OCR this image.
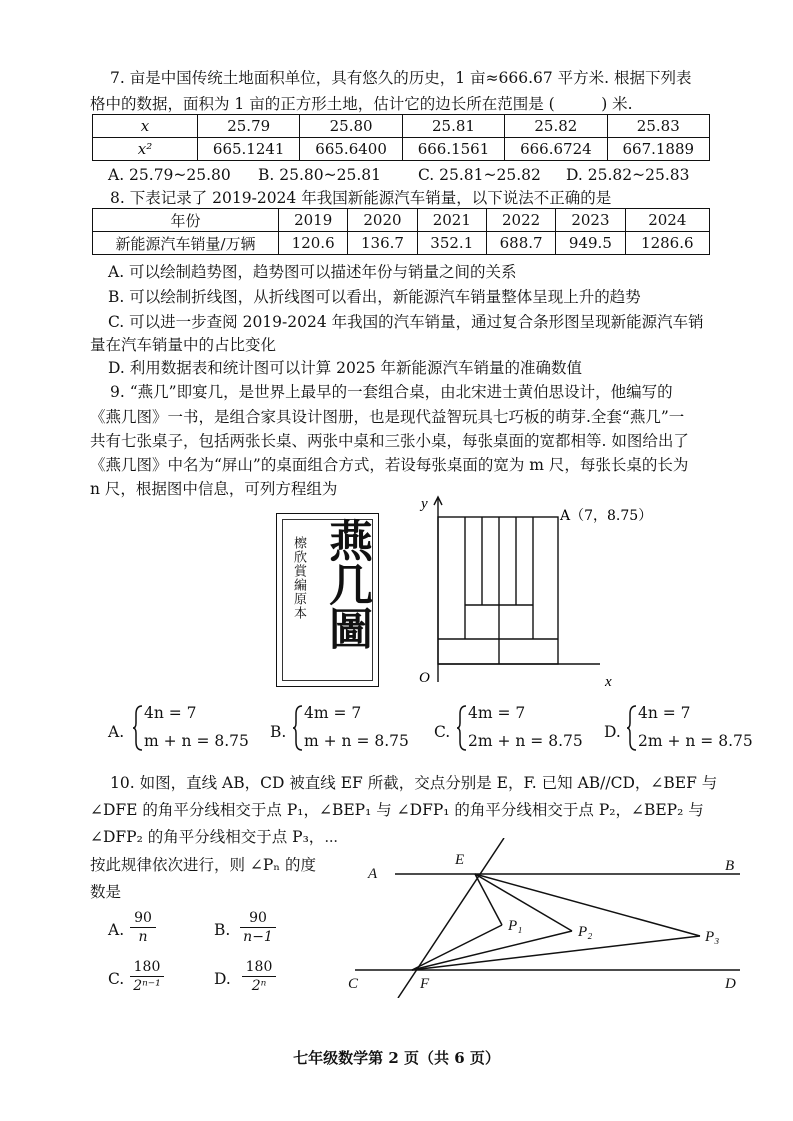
7. 亩是中国传统土地面积单位，具有悠久的历史，1 亩≈666.67 平方米. 根据下列表
格中的数据，面积为 1 亩的正方形土地，估计它的边长所在范围是 (　　　) 米.
x	25.79	25.80	25.81	25.82	25.83
x²	665.1241	665.6400	666.1561	666.6724	667.1889
A. 25.79~25.80 B. 25.80~25.81 C. 25.81~25.82 D. 25.82~25.83
8. 下表记录了 2019-2024 年我国新能源汽车销量，以下说法不正确的是
年份	2019	2020	2021	2022	2023	2024
新能源汽车销量/万辆	120.6	136.7	352.1	688.7	949.5	1286.6
A. 可以绘制趋势图，趋势图可以描述年份与销量之间的关系
B. 可以绘制折线图，从折线图可以看出，新能源汽车销量整体呈现上升的趋势
C. 可以进一步查阅 2019-2024 年我国的汽车销量，通过复合条形图呈现新能源汽车销
量在汽车销量中的占比变化
D. 利用数据表和统计图可以计算 2025 年新能源汽车销量的准确数值
9. “燕几”即宴几，是世界上最早的一套组合桌，由北宋进士黄伯思设计，他编写的
《燕几图》一书，是组合家具设计图册，也是现代益智玩具七巧板的萌芽.全套“燕几”一
共有七张桌子，包括两张长桌、两张中桌和三张小桌，每张桌面的宽都相等. 如图给出了
《燕几图》中名为“屏山”的桌面组合方式，若设每张桌面的宽为 m 尺，每张长桌的长为
n 尺，根据图中信息，可列方程组为
檫欣賞編原本 燕几圖
y
x
O
A（7，8.75）
A.
4n = 7
m + n = 8.75 B.
4m = 7
m + n = 8.75 C.
4m = 7
2m + n = 8.75 D.
4n = 7
2m + n = 8.75
10. 如图，直线 AB，CD 被直线 EF 所截，交点分别是 E，F. 已知 AB//CD，∠BEF 与
∠DFE 的角平分线相交于点 P₁，∠BEP₁ 与 ∠DFP₁ 的角平分线相交于点 P₂，∠BEP₂ 与
∠DFP₂ 的角平分线相交于点 P₃，⋯
按此规律依次进行，则 ∠Pₙ 的度
数是
A.
90
n	B.
90
n−1
C.
180
2ⁿ⁻¹	D.
180
2ⁿ
A	B
C	D
E
F
P₁	P₂	P₃
七年级数学第 2 页（共 6 页）
